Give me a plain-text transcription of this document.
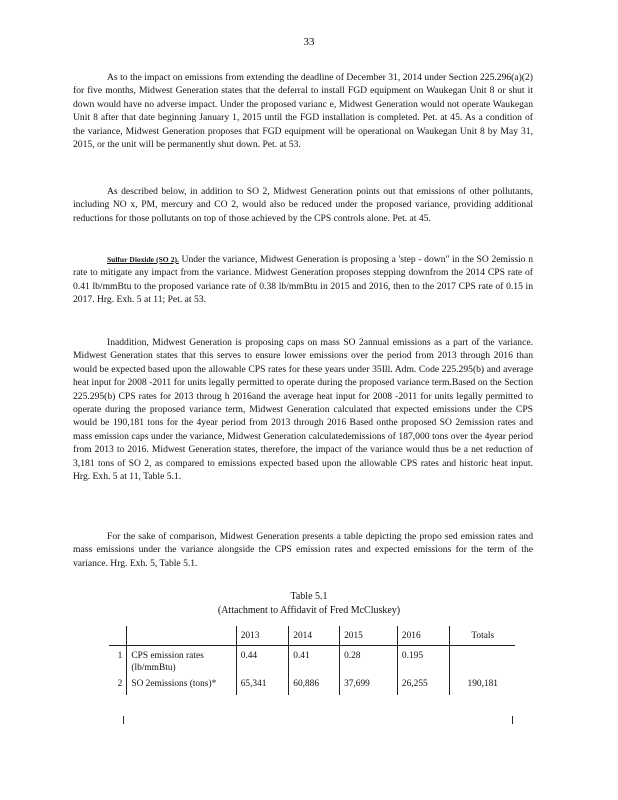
33

As to the impact on emissions from extending the deadline of December 31, 2014 under Section 225.296(a)(2) for five months, Midwest Generation states that the deferral to install FGD equipment on Waukegan Unit 8 or shut it down would have no adverse impact. Under the proposed varianc e, Midwest Generation would not operate Waukegan Unit 8 after that date beginning January 1, 2015 until the FGD installation is completed. Pet. at 45. As a condition of the variance, Midwest Generation proposes that FGD equipment will be operational on Waukegan Unit 8 by May 31, 2015, or the unit will be permanently shut down. Pet. at 53.

As described below, in addition to SO 2, Midwest Generation points out that emissions of other pollutants, including NO x, PM, mercury and CO 2, would also be reduced under the proposed variance, providing additional reductions for those pollutants on top of those achieved by the CPS controls alone. Pet. at 45.

Sulfur Dioxide (SO 2). Under the variance, Midwest Generation is proposing a 'step - down" in the SO 2emissio n rate to mitigate any impact from the variance. Midwest Generation proposes stepping downfrom the 2014 CPS rate of 0.41 lb/mmBtu to the proposed variance rate of 0.38 lb/mmBtu in 2015 and 2016, then to the 2017 CPS rate of 0.15 in 2017. Hrg. Exh. 5 at 11; Pet. at 53.

Inaddition, Midwest Generation is proposing caps on mass SO 2annual emissions as a part of the variance. Midwest Generation states that this serves to ensure lower emissions over the period from 2013 through 2016 than would be expected based upon the allowable CPS rates for these years under 35Ill. Adm. Code 225.295(b) and average heat input for 2008 -2011 for units legally permitted to operate during the proposed variance term.Based on the Section 225.295(b) CPS rates for 2013 throug h 2016and the average heat input for 2008 -2011 for units legally permitted to operate during the proposed variance term, Midwest Generation calculated that expected emissions under the CPS would be 190,181 tons for the 4year period from 2013 through 2016 Based onthe proposed SO 2emission rates and mass emission caps under the variance, Midwest Generation calculatedemissions of 187,000 tons over the 4year period from 2013 to 2016. Midwest Generation states, therefore, the impact of the variance would thus be a net reduction of 3,181 tons of SO 2, as compared to emissions expected based upon the allowable CPS rates and historic heat input. Hrg. Exh. 5 at 11, Table 5.1.

For the sake of comparison, Midwest Generation presents a table depicting the propo sed emission rates and mass emissions under the variance alongside the CPS emission rates and expected emissions for the term of the variance. Hrg. Exh. 5, Table 5.1.

Table 5.1
(Attachment to Affidavit of Fred McCluskey)
		2013	2014	2015	2016	Totals
1	CPS emission rates (lb/mmBtu)	0.44	0.41	0.28	0.195	
2	SO 2emissions (tons)*	65,341	60,886	37,699	26,255	190,181
